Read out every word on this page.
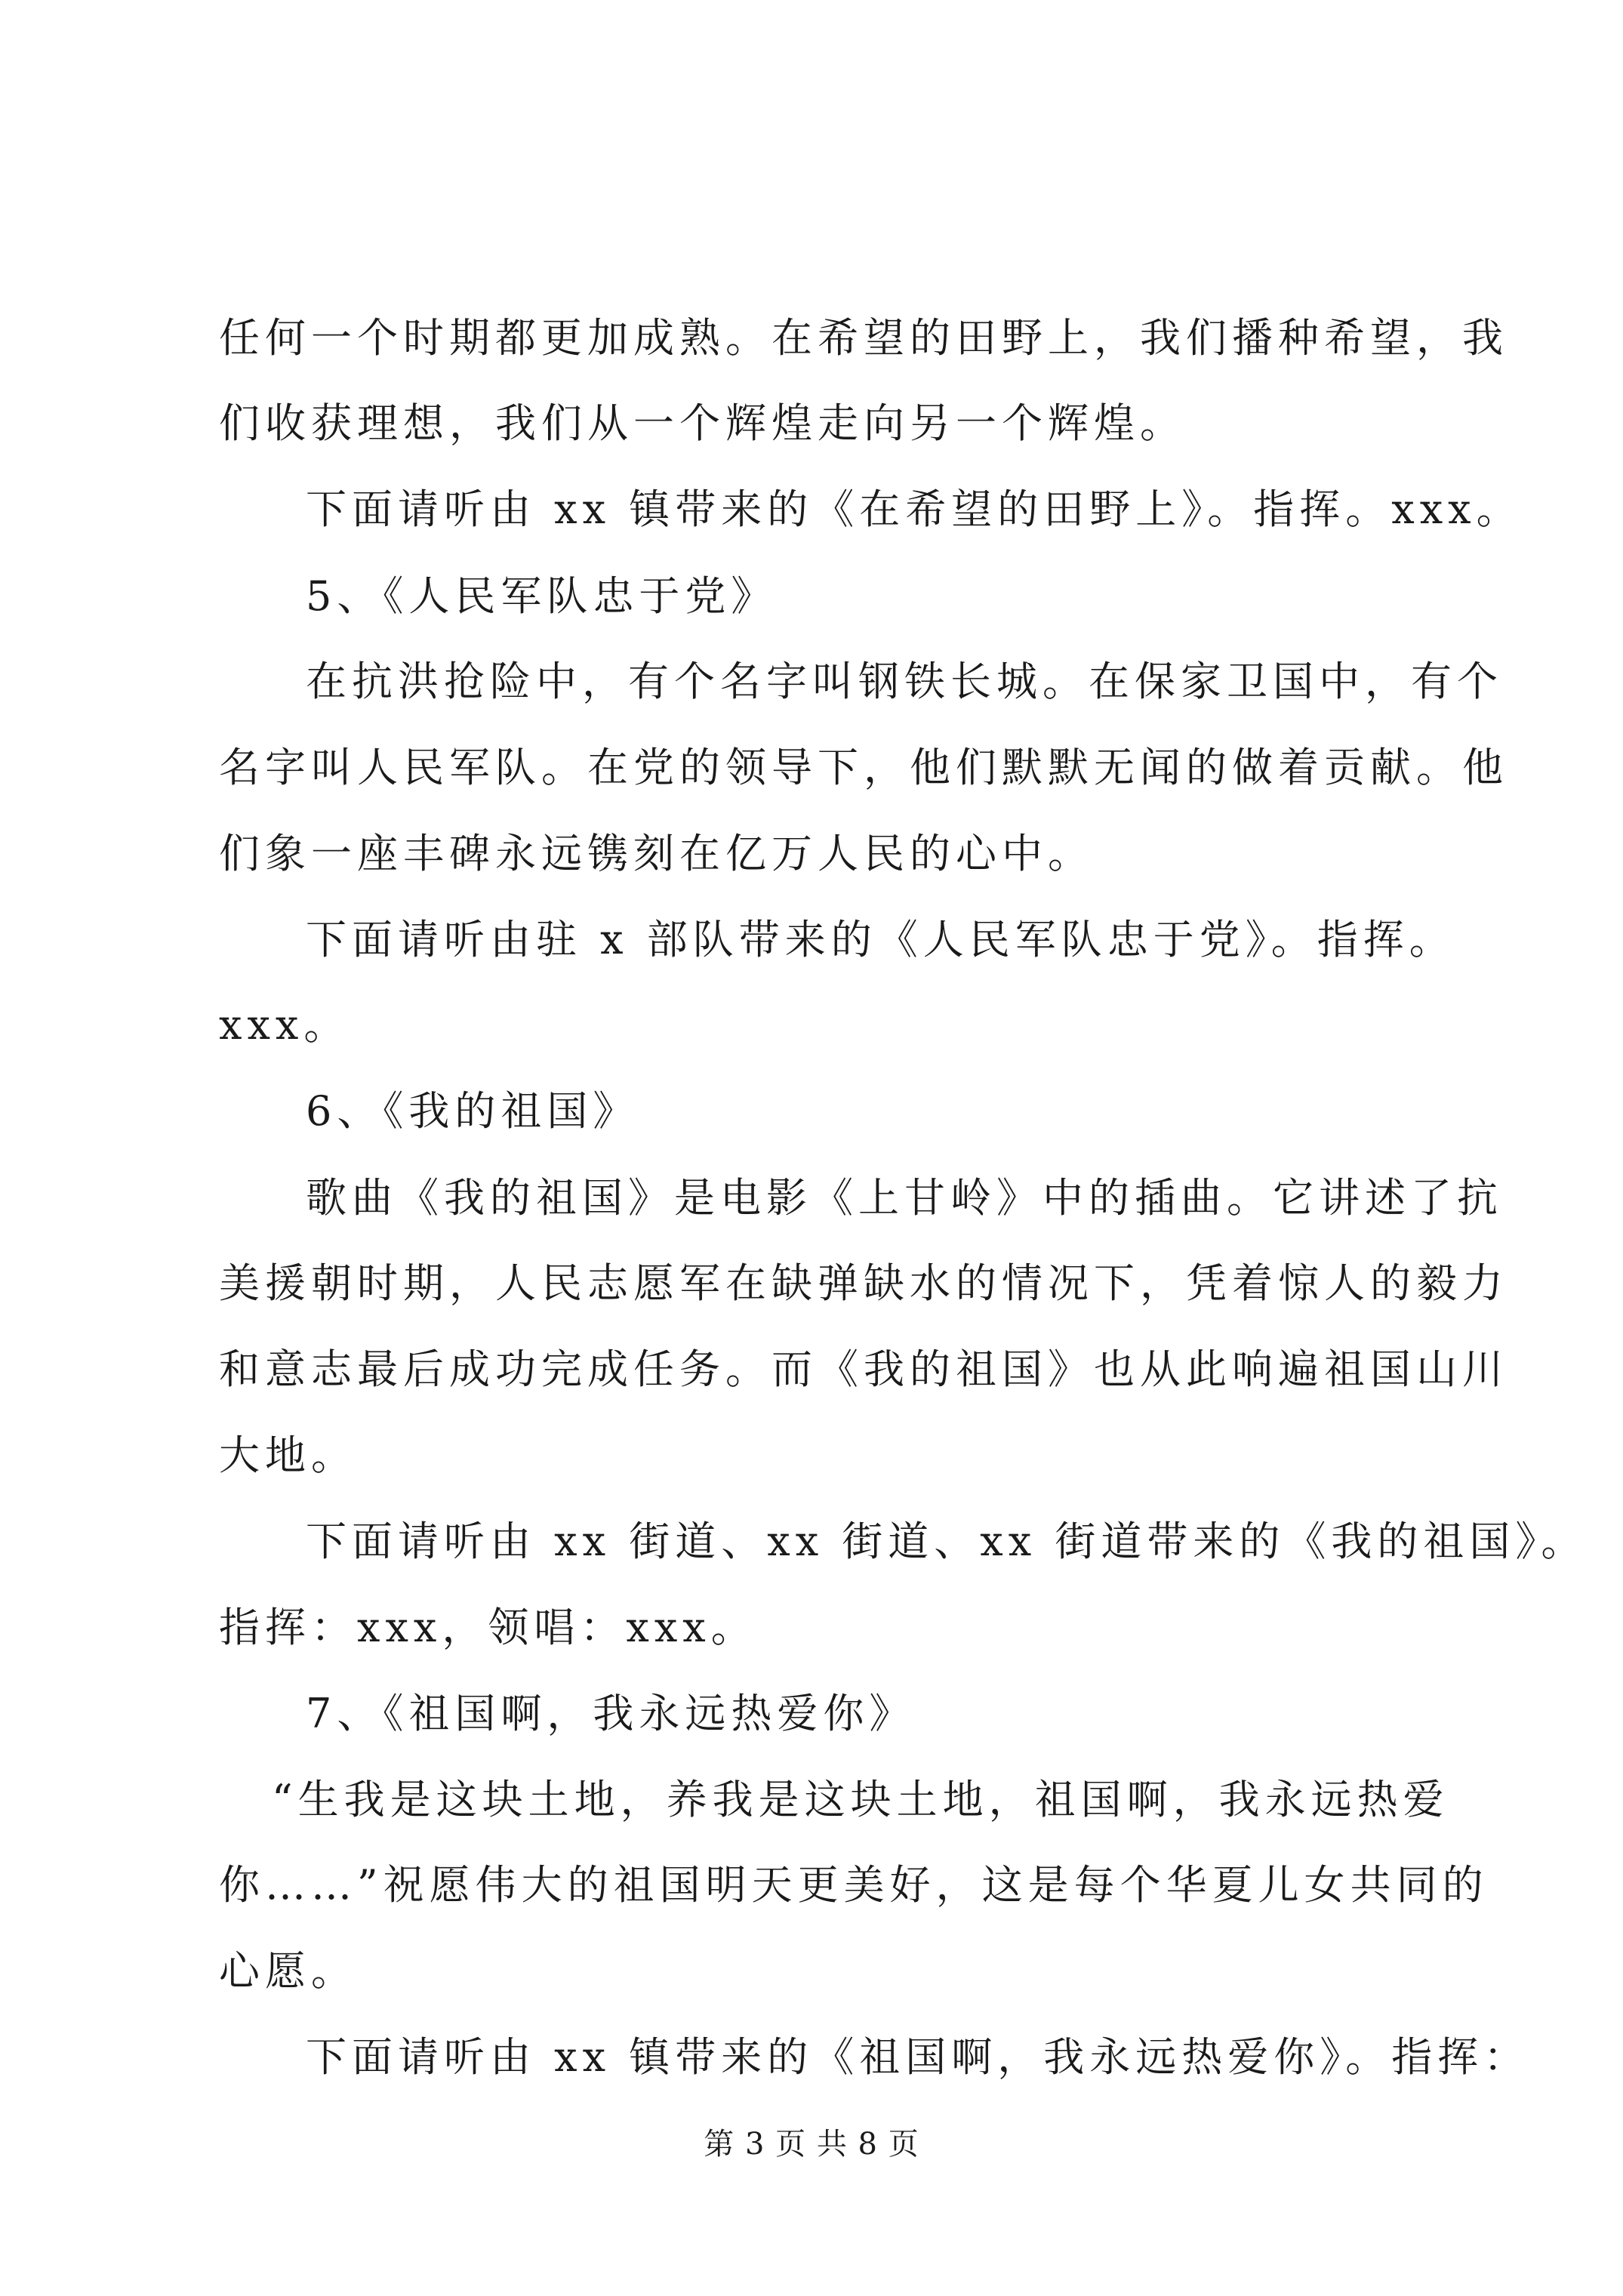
任何一个时期都更加成熟。在希望的田野上，我们播种希望，我
们收获理想，我们从一个辉煌走向另一个辉煌。
下面请听由 xx 镇带来的《在希望的田野上》。指挥。xxx。
5、《人民军队忠于党》
在抗洪抢险中，有个名字叫钢铁长城。在保家卫国中，有个
名字叫人民军队。在党的领导下，他们默默无闻的做着贡献。他
们象一座丰碑永远镌刻在亿万人民的心中。
下面请听由驻 x 部队带来的《人民军队忠于党》。指挥。
xxx。
6、《我的祖国》
歌曲《我的祖国》是电影《上甘岭》中的插曲。它讲述了抗
美援朝时期，人民志愿军在缺弹缺水的情况下，凭着惊人的毅力
和意志最后成功完成任务。而《我的祖国》也从此响遍祖国山川
大地。
下面请听由 xx 街道、xx 街道、xx 街道带来的《我的祖国》。
指挥：xxx，领唱：xxx。
7、《祖国啊，我永远热爱你》
“生我是这块土地，养我是这块土地，祖国啊，我永远热爱
你……”祝愿伟大的祖国明天更美好，这是每个华夏儿女共同的
心愿。
下面请听由 xx 镇带来的《祖国啊，我永远热爱你》。指挥：
第 3 页 共 8 页
